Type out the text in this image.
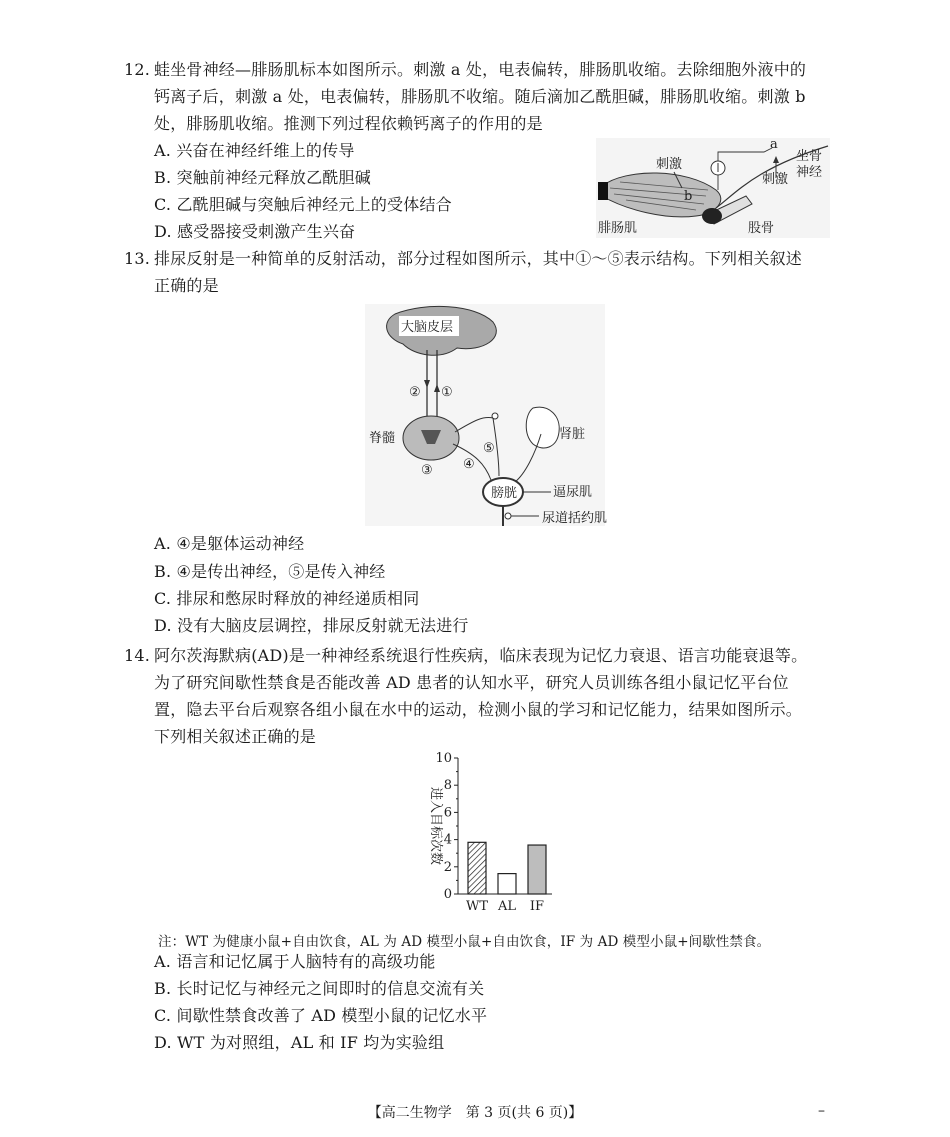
12. 蛙坐骨神经—腓肠肌标本如图所示。刺激 a 处，电表偏转，腓肠肌收缩。去除细胞外液中的

钙离子后，刺激 a 处，电表偏转，腓肠肌不收缩。随后滴加乙酰胆碱，腓肠肌收缩。刺激 b
处，腓肠肌收缩。推测下列过程依赖钙离子的作用的是
A. 兴奋在神经纤维上的传导
B. 突触前神经元释放乙酰胆碱
C. 乙酰胆碱与突触后神经元上的受体结合
D. 感受器接受刺激产生兴奋
刺激
b
a
刺激
坐骨
神经
腓肠肌	股骨
13. 排尿反射是一种简单的反射活动，部分过程如图所示，其中①～⑤表示结构。下列相关叙述

正确的是
大脑皮层
② ①
脊髓
③ ④
⑤
肾脏
膀胱	逼尿肌
尿道括约肌
A. ④是躯体运动神经
B. ④是传出神经，⑤是传入神经
C. 排尿和憋尿时释放的神经递质相同
D. 没有大脑皮层调控，排尿反射就无法进行
14. 阿尔茨海默病(AD)是一种神经系统退行性疾病，临床表现为记忆力衰退、语言功能衰退等。

为了研究间歇性禁食是否能改善 AD 患者的认知水平，研究人员训练各组小鼠记忆平台位
置，隐去平台后观察各组小鼠在水中的运动，检测小鼠的学习和记忆能力，结果如图所示。
下列相关叙述正确的是
进入目标次数
0
2
4
6
8
10
WT AL IF
注：WT 为健康小鼠+自由饮食，AL 为 AD 模型小鼠+自由饮食，IF 为 AD 模型小鼠+间歇性禁食。
A. 语言和记忆属于人脑特有的高级功能
B. 长时记忆与神经元之间即时的信息交流有关
C. 间歇性禁食改善了 AD 模型小鼠的记忆水平
D. WT 为对照组，AL 和 IF 均为实验组
【高二生物学　第 3 页(共 6 页)】	–
